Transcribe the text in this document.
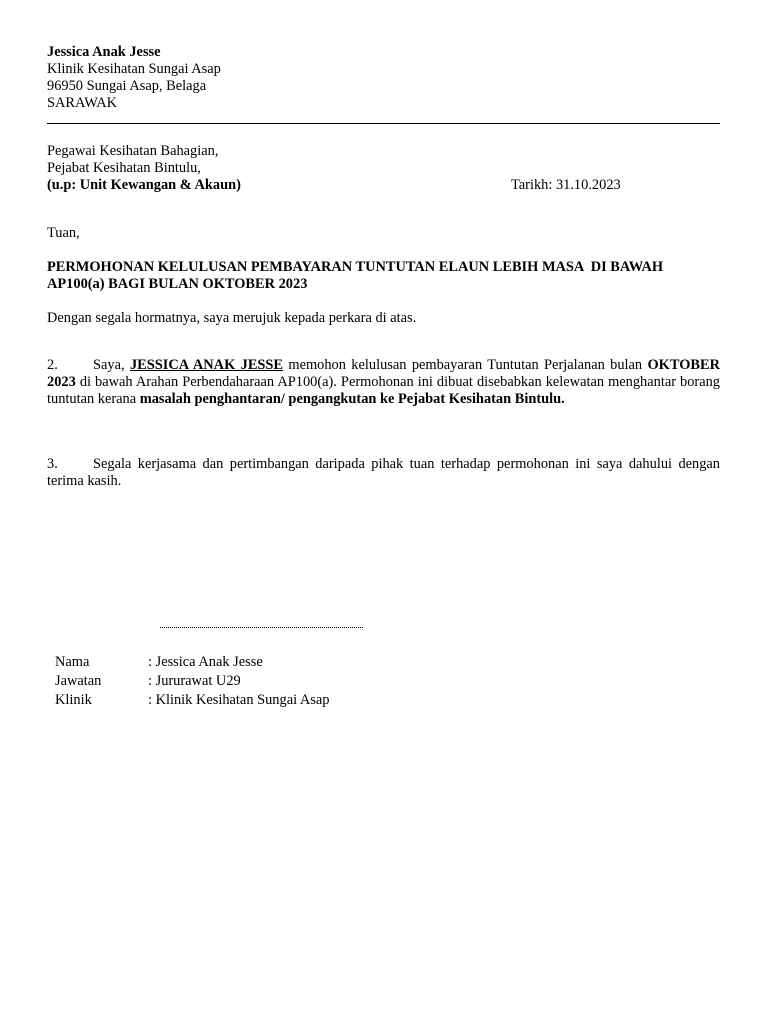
Jessica Anak Jesse
Klinik Kesihatan Sungai Asap
96950 Sungai Asap, Belaga
SARAWAK
Pegawai Kesihatan Bahagian,
Pejabat Kesihatan Bintulu,
(u.p: Unit Kewangan & Akaun)	Tarikh: 31.10.2023
Tuan,
PERMOHONAN KELULUSAN PEMBAYARAN TUNTUTAN ELAUN LEBIH MASA  DI BAWAH
AP100(a) BAGI BULAN OKTOBER 2023
Dengan segala hormatnya, saya merujuk kepada perkara di atas.

2. Saya, JESSICA ANAK JESSE memohon kelulusan pembayaran Tuntutan Perjalanan bulan OKTOBER 2023 di bawah Arahan Perbendaharaan AP100(a). Permohonan ini dibuat disebabkan kelewatan menghantar borang tuntutan kerana masalah penghantaran/ pengangkutan ke Pejabat Kesihatan Bintulu.

3. Segala kerjasama dan pertimbangan daripada pihak tuan terhadap permohonan ini saya dahului dengan terima kasih.

Nama	: Jessica Anak Jesse
Jawatan	: Jururawat U29
Klinik	: Klinik Kesihatan Sungai Asap
